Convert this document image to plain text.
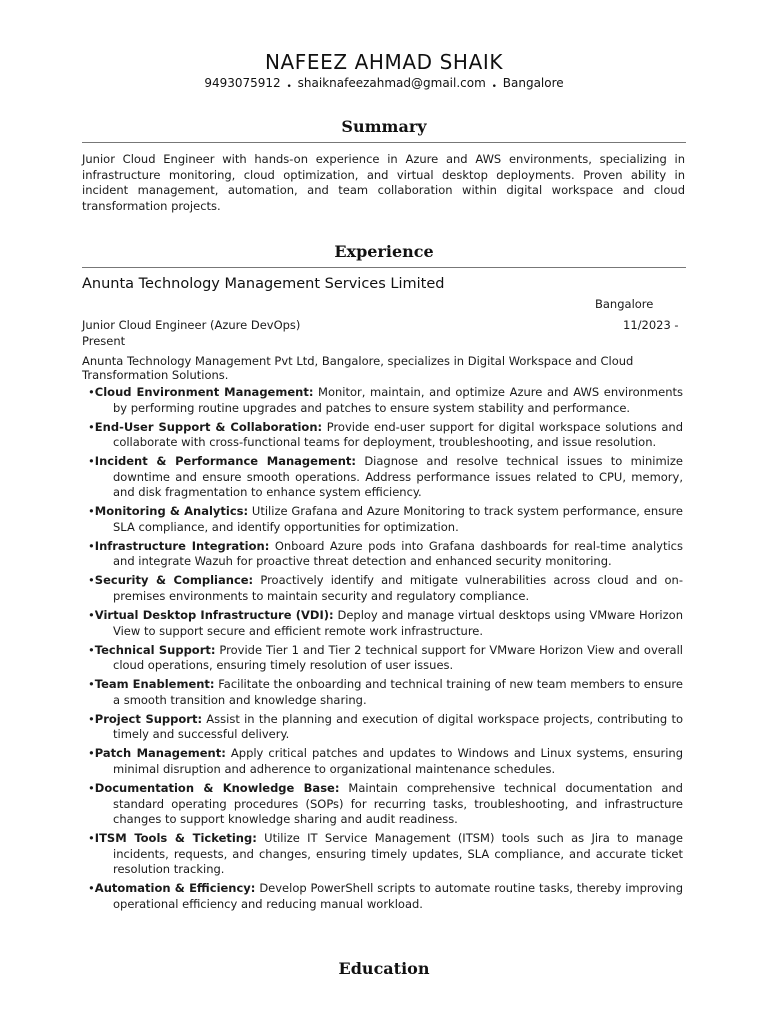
NAFEEZ AHMAD SHAIK
9493075912 • shaiknafeezahmad@gmail.com • Bangalore
Summary
Junior Cloud Engineer with hands-on experience in Azure and AWS environments, specializing in infrastructure monitoring, cloud optimization, and virtual desktop deployments. Proven ability in incident management, automation, and team collaboration within digital workspace and cloud transformation projects.
Experience
Anunta Technology Management Services Limited
Bangalore
Junior Cloud Engineer (Azure DevOps)	11/2023 -
Present
Anunta Technology Management Pvt Ltd, Bangalore, specializes in Digital Workspace and Cloud Transformation Solutions.
•Cloud Environment Management: Monitor, maintain, and optimize Azure and AWS environments by performing routine upgrades and patches to ensure system stability and performance.
•End-User Support & Collaboration: Provide end-user support for digital workspace solutions and collaborate with cross-functional teams for deployment, troubleshooting, and issue resolution.
•Incident & Performance Management: Diagnose and resolve technical issues to minimize downtime and ensure smooth operations. Address performance issues related to CPU, memory, and disk fragmentation to enhance system efficiency.
•Monitoring & Analytics: Utilize Grafana and Azure Monitoring to track system performance, ensure SLA compliance, and identify opportunities for optimization.
•Infrastructure Integration: Onboard Azure pods into Grafana dashboards for real-time analytics and integrate Wazuh for proactive threat detection and enhanced security monitoring.
•Security & Compliance: Proactively identify and mitigate vulnerabilities across cloud and on-premises environments to maintain security and regulatory compliance.
•Virtual Desktop Infrastructure (VDI): Deploy and manage virtual desktops using VMware Horizon View to support secure and efficient remote work infrastructure.
•Technical Support: Provide Tier 1 and Tier 2 technical support for VMware Horizon View and overall cloud operations, ensuring timely resolution of user issues.
•Team Enablement: Facilitate the onboarding and technical training of new team members to ensure a smooth transition and knowledge sharing.
•Project Support: Assist in the planning and execution of digital workspace projects, contributing to timely and successful delivery.
•Patch Management: Apply critical patches and updates to Windows and Linux systems, ensuring minimal disruption and adherence to organizational maintenance schedules.
•Documentation & Knowledge Base: Maintain comprehensive technical documentation and standard operating procedures (SOPs) for recurring tasks, troubleshooting, and infrastructure changes to support knowledge sharing and audit readiness.
•ITSM Tools & Ticketing: Utilize IT Service Management (ITSM) tools such as Jira to manage incidents, requests, and changes, ensuring timely updates, SLA compliance, and accurate ticket resolution tracking.
•Automation & Efficiency: Develop PowerShell scripts to automate routine tasks, thereby improving operational efficiency and reducing manual workload.
Education
